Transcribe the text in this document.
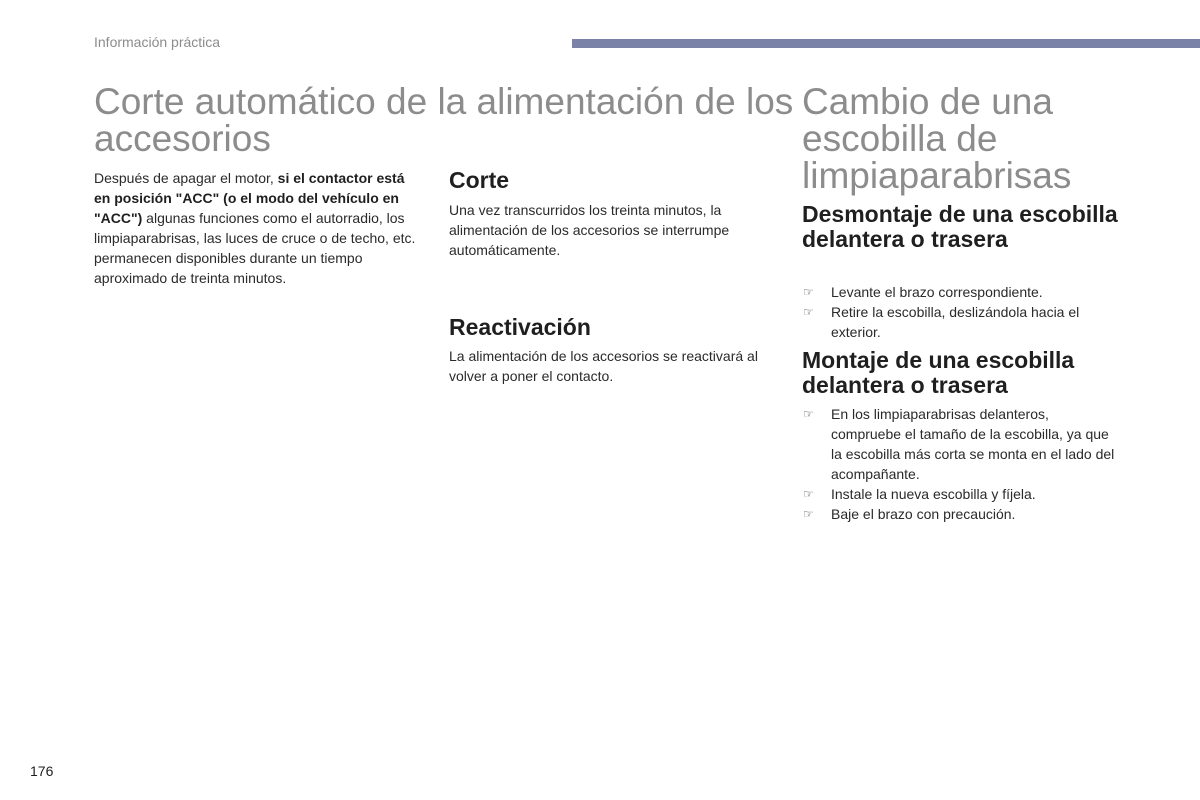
Información práctica
Corte automático de la alimentación de los accesorios

Después de apagar el motor, si el contactor está en posición "ACC" (o el modo del vehículo en "ACC") algunas funciones como el autorradio, los limpiaparabrisas, las luces de cruce o de techo, etc. permanecen disponibles durante un tiempo aproximado de treinta minutos.

Corte

Una vez transcurridos los treinta minutos, la alimentación de los accesorios se interrumpe automáticamente.

Reactivación

La alimentación de los accesorios se reactivará al volver a poner el contacto.

Cambio de una escobilla de limpiaparabrisas
Desmontaje de una escobilla delantera o trasera
☞ Levante el brazo correspondiente.
☞ Retire la escobilla, deslizándola hacia el exterior.
Montaje de una escobilla delantera o trasera
☞ En los limpiaparabrisas delanteros, compruebe el tamaño de la escobilla, ya que la escobilla más corta se monta en el lado del acompañante.
☞ Instale la nueva escobilla y fíjela.
☞ Baje el brazo con precaución.
176
